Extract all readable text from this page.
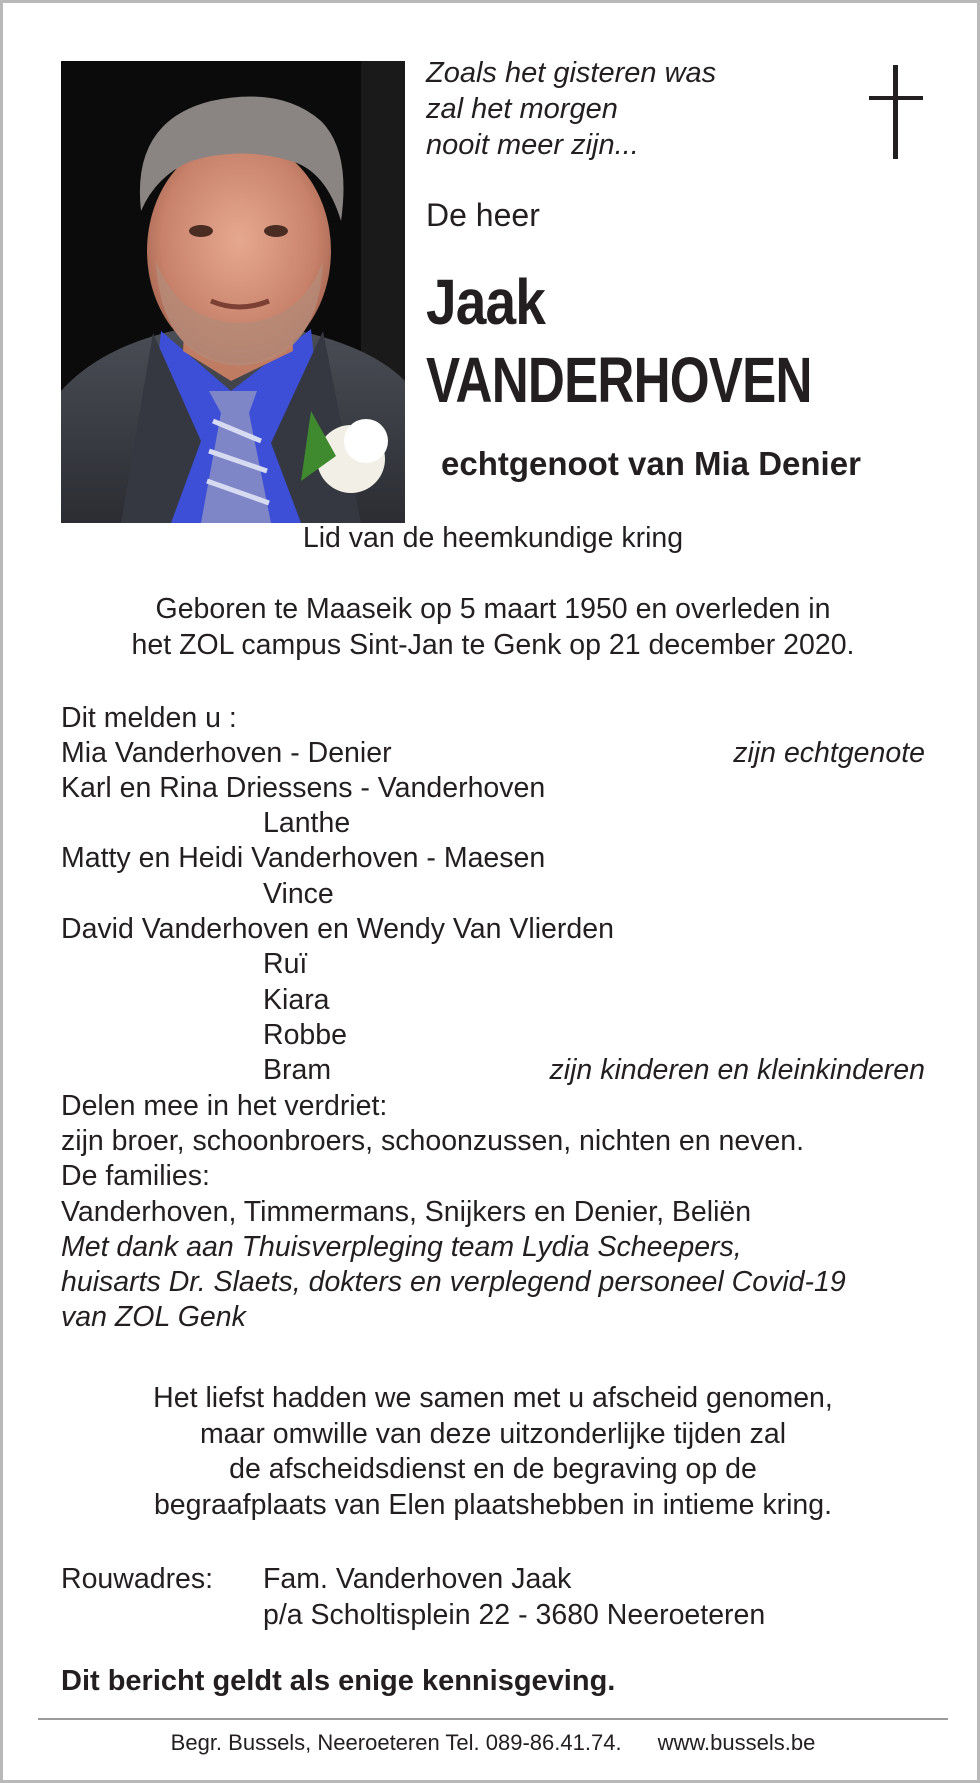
Zoals het gisteren was
zal het morgen
nooit meer zijn...
De heer
Jaak
VANDERHOVEN
echtgenoot van Mia Denier
Lid van de heemkundige kring
Geboren te Maaseik op 5 maart 1950 en overleden in
het ZOL campus Sint-Jan te Genk op 21 december 2020.
Dit melden u :
Mia Vanderhoven - Denier	zijn echtgenote
Karl en Rina Driessens - Vanderhoven
Lanthe
Matty en Heidi Vanderhoven - Maesen
Vince
David Vanderhoven en Wendy Van Vlierden
Ruï
Kiara
Robbe
Bram	zijn kinderen en kleinkinderen
Delen mee in het verdriet:
zijn broer, schoonbroers, schoonzussen, nichten en neven.
De families:
Vanderhoven, Timmermans, Snijkers en Denier, Beliën
Met dank aan Thuisverpleging team Lydia Scheepers,
huisarts Dr. Slaets, dokters en verplegend personeel Covid-19
van ZOL Genk
Het liefst hadden we samen met u afscheid genomen,
maar omwille van deze uitzonderlijke tijden zal
de afscheidsdienst en de begraving op de
begraafplaats van Elen plaatshebben in intieme kring.
Rouwadres: Fam. Vanderhoven Jaak
p/a Scholtisplein 22 - 3680 Neeroeteren
Dit bericht geldt als enige kennisgeving.
Begr. Bussels, Neeroeteren Tel. 089-86.41.74. www.bussels.be
